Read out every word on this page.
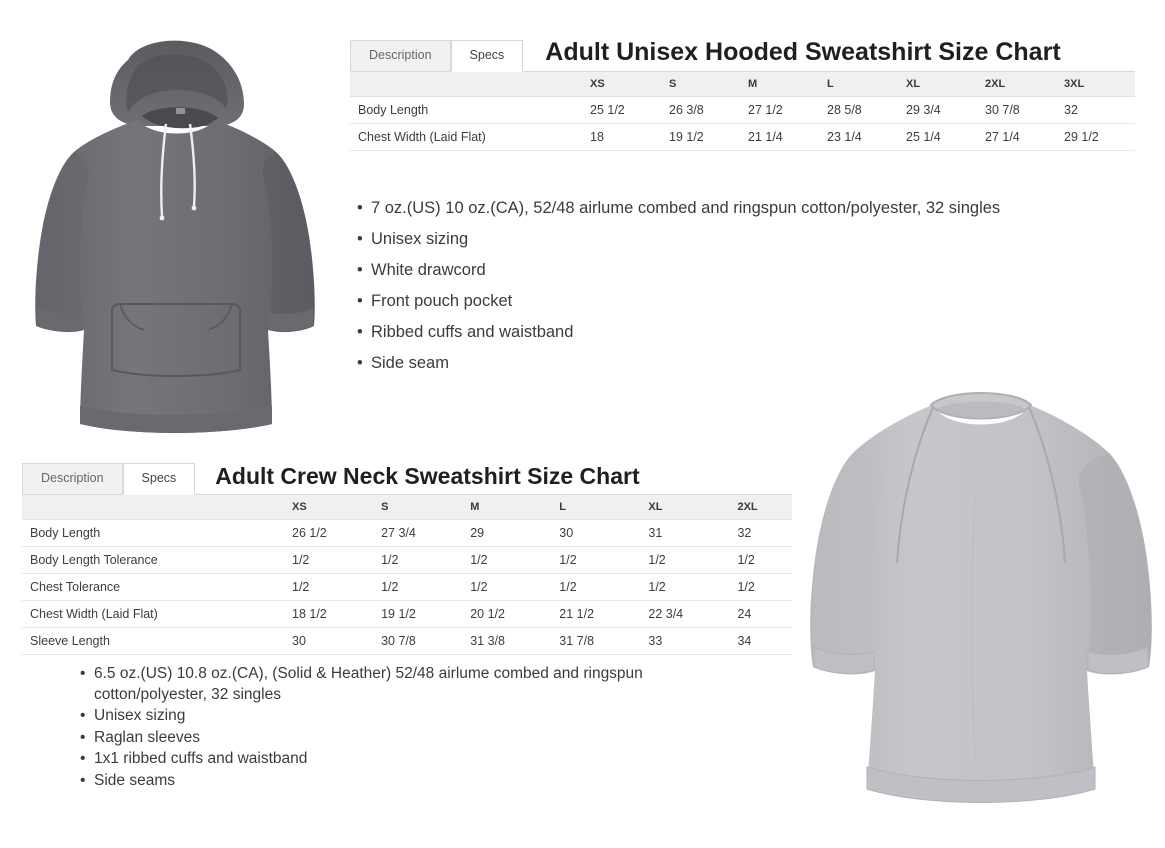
Description	Specs	Adult Unisex Hooded Sweatshirt Size Chart
	XS	S	M	L	XL	2XL	3XL
Body Length	25 1/2	26 3/8	27 1/2	28 5/8	29 3/4	30 7/8	32
Chest Width (Laid Flat)	18	19 1/2	21 1/4	23 1/4	25 1/4	27 1/4	29 1/2
• 7 oz.(US) 10 oz.(CA), 52/48 airlume combed and ringspun cotton/polyester, 32 singles
• Unisex sizing
• White drawcord
• Front pouch pocket
• Ribbed cuffs and waistband
• Side seam
Description	Specs	Adult Crew Neck Sweatshirt Size Chart
	XS	S	M	L	XL	2XL
Body Length	26 1/2	27 3/4	29	30	31	32
Body Length Tolerance	1/2	1/2	1/2	1/2	1/2	1/2
Chest Tolerance	1/2	1/2	1/2	1/2	1/2	1/2
Chest Width (Laid Flat)	18 1/2	19 1/2	20 1/2	21 1/2	22 3/4	24
Sleeve Length	30	30 7/8	31 3/8	31 7/8	33	34
• 6.5 oz.(US) 10.8 oz.(CA), (Solid & Heather) 52/48 airlume combed and ringspun cotton/polyester, 32 singles
• Unisex sizing
• Raglan sleeves
• 1x1 ribbed cuffs and waistband
• Side seams
